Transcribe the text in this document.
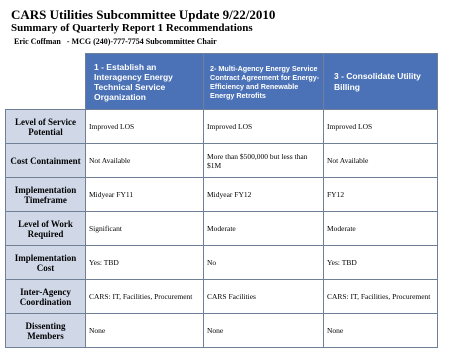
CARS Utilities Subcommittee Update 9/22/2010
Summary of Quarterly Report 1 Recommendations
Eric Coffman - MCG (240)-777-7754 Subcommittee Chair
	1 - Establish an Interagency Energy Technical Service Organization	2- Multi-Agency Energy Service Contract Agreement for Energy-Efficiency and Renewable Energy Retrofits	3 - Consolidate Utility Billing
Level of Service Potential	Improved LOS	Improved LOS	Improved LOS
Cost Containment	Not Available	More than $500,000 but less than $1M	Not Available
Implementation Timeframe	Midyear FY11	Midyear FY12	FY12
Level of Work Required	Significant	Moderate	Moderate
Implementation Cost	Yes: TBD	No	Yes: TBD
Inter-Agency Coordination	CARS: IT, Facilities, Procurement	CARS Facilities	CARS: IT, Facilities, Procurement
Dissenting Members	None	None	None
